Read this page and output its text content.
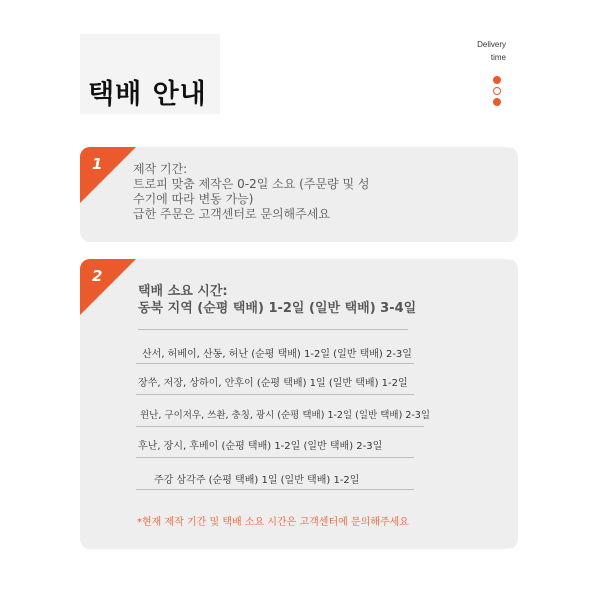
택배 안내
Delivery
time
1	제작 기간:
트로피 맞춤 제작은 0-2일 소요 (주문량 및 성
수기에 따라 변동 가능)
급한 주문은 고객센터로 문의해주세요
2
택배 소요 시간:
동북 지역 (순평 택배) 1-2일 (일반 택배) 3-4일
산서, 허베이, 산동, 허난 (순평 택배) 1-2일 (일반 택배) 2-3일
장쑤, 저장, 상하이, 안후이 (순평 택배) 1일 (일반 택배) 1-2일
윈난, 구이저우, 쓰촨, 충칭, 광시 (순평 택배) 1-2일 (일반 택배) 2-3일
후난, 장시, 후베이 (순평 택배) 1-2일 (일반 택배) 2-3일
주강 삼각주 (순평 택배) 1일 (일반 택배) 1-2일
*현재 제작 기간 및 택배 소요 시간은 고객센터에 문의해주세요
